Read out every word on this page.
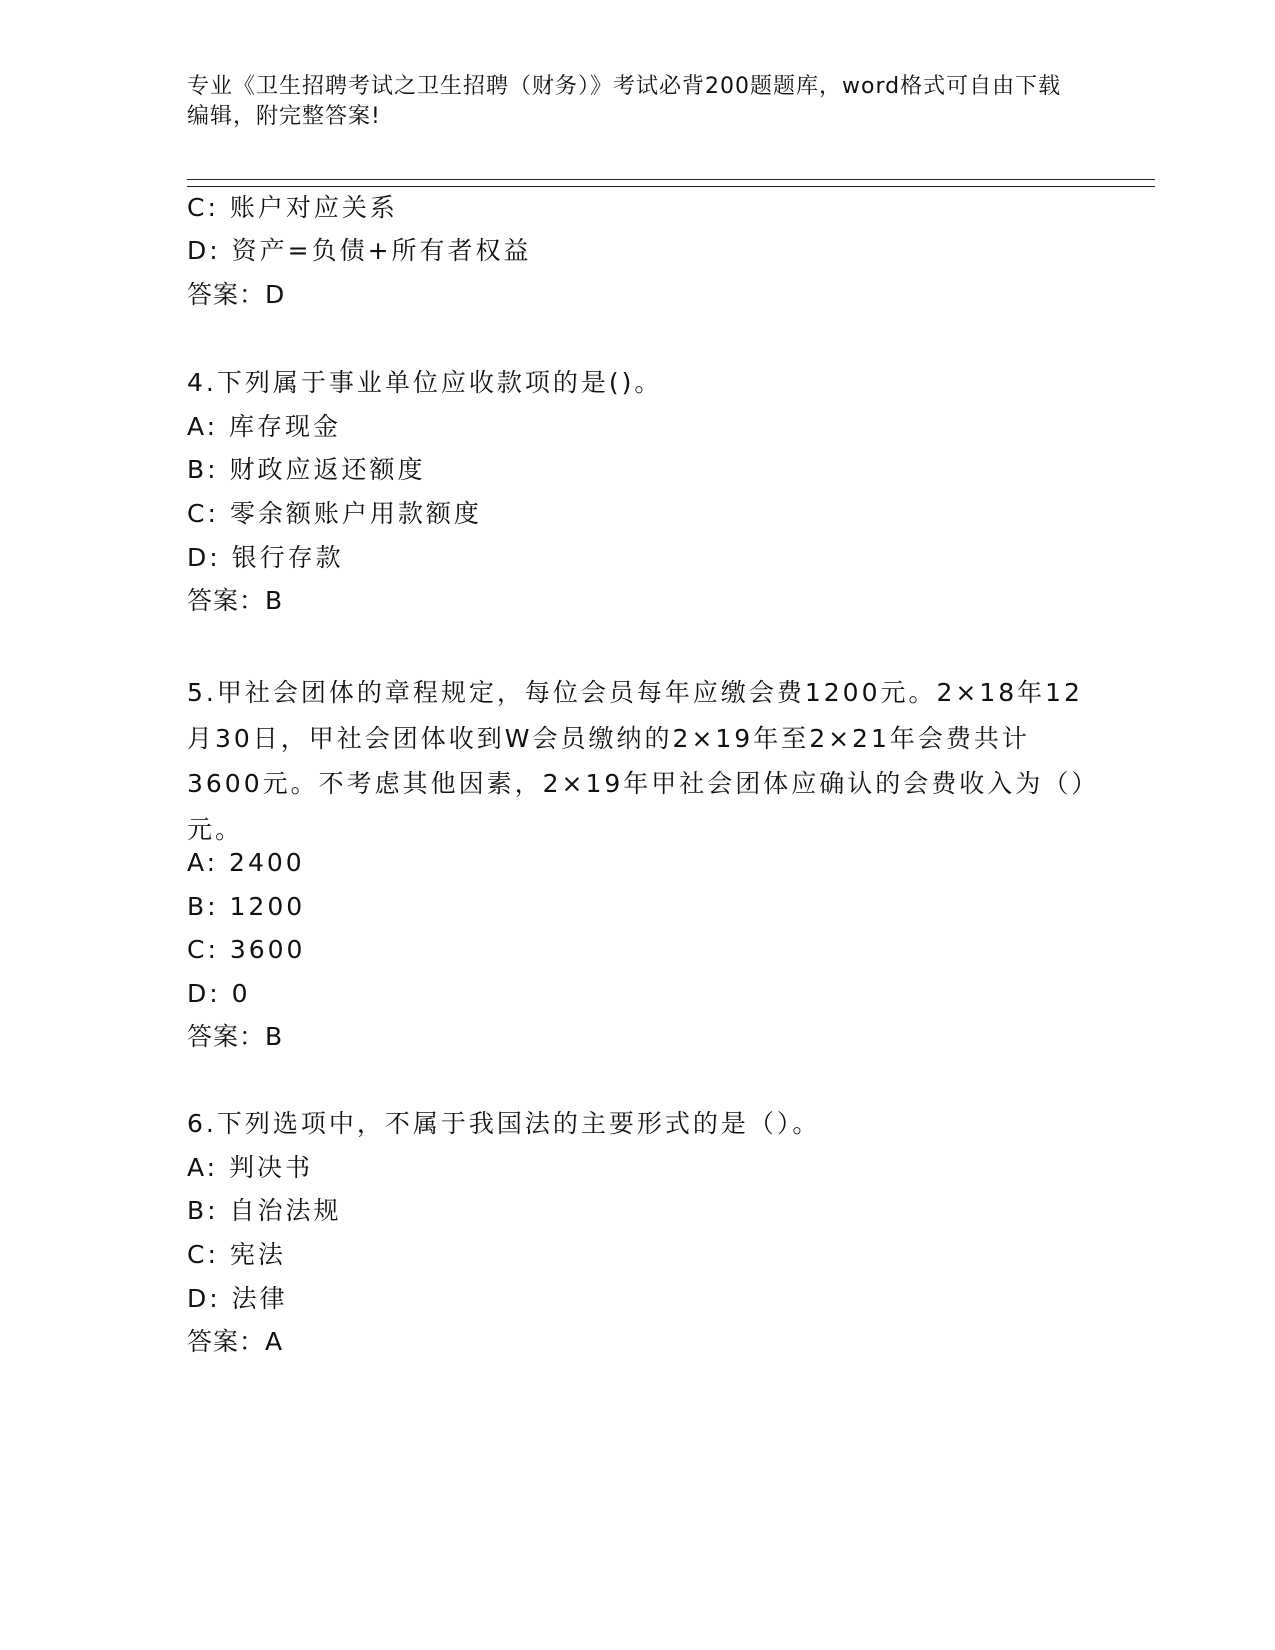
专业《卫生招聘考试之卫生招聘（财务）》考试必背200题题库，word格式可自由下载编辑，附完整答案!
C: 账户对应关系
D: 资产=负债+所有者权益
答案：D
4.下列属于事业单位应收款项的是()。
A: 库存现金
B: 财政应返还额度
C: 零余额账户用款额度
D: 银行存款
答案：B
5.甲社会团体的章程规定，每位会员每年应缴会费1200元。2×18年12月30日，甲社会团体收到W会员缴纳的2×19年至2×21年会费共计3600元。不考虑其他因素，2×19年甲社会团体应确认的会费收入为（）元。
A: 2400
B: 1200
C: 3600
D: 0
答案：B
6.下列选项中，不属于我国法的主要形式的是（）。
A: 判决书
B: 自治法规
C: 宪法
D: 法律
答案：A
